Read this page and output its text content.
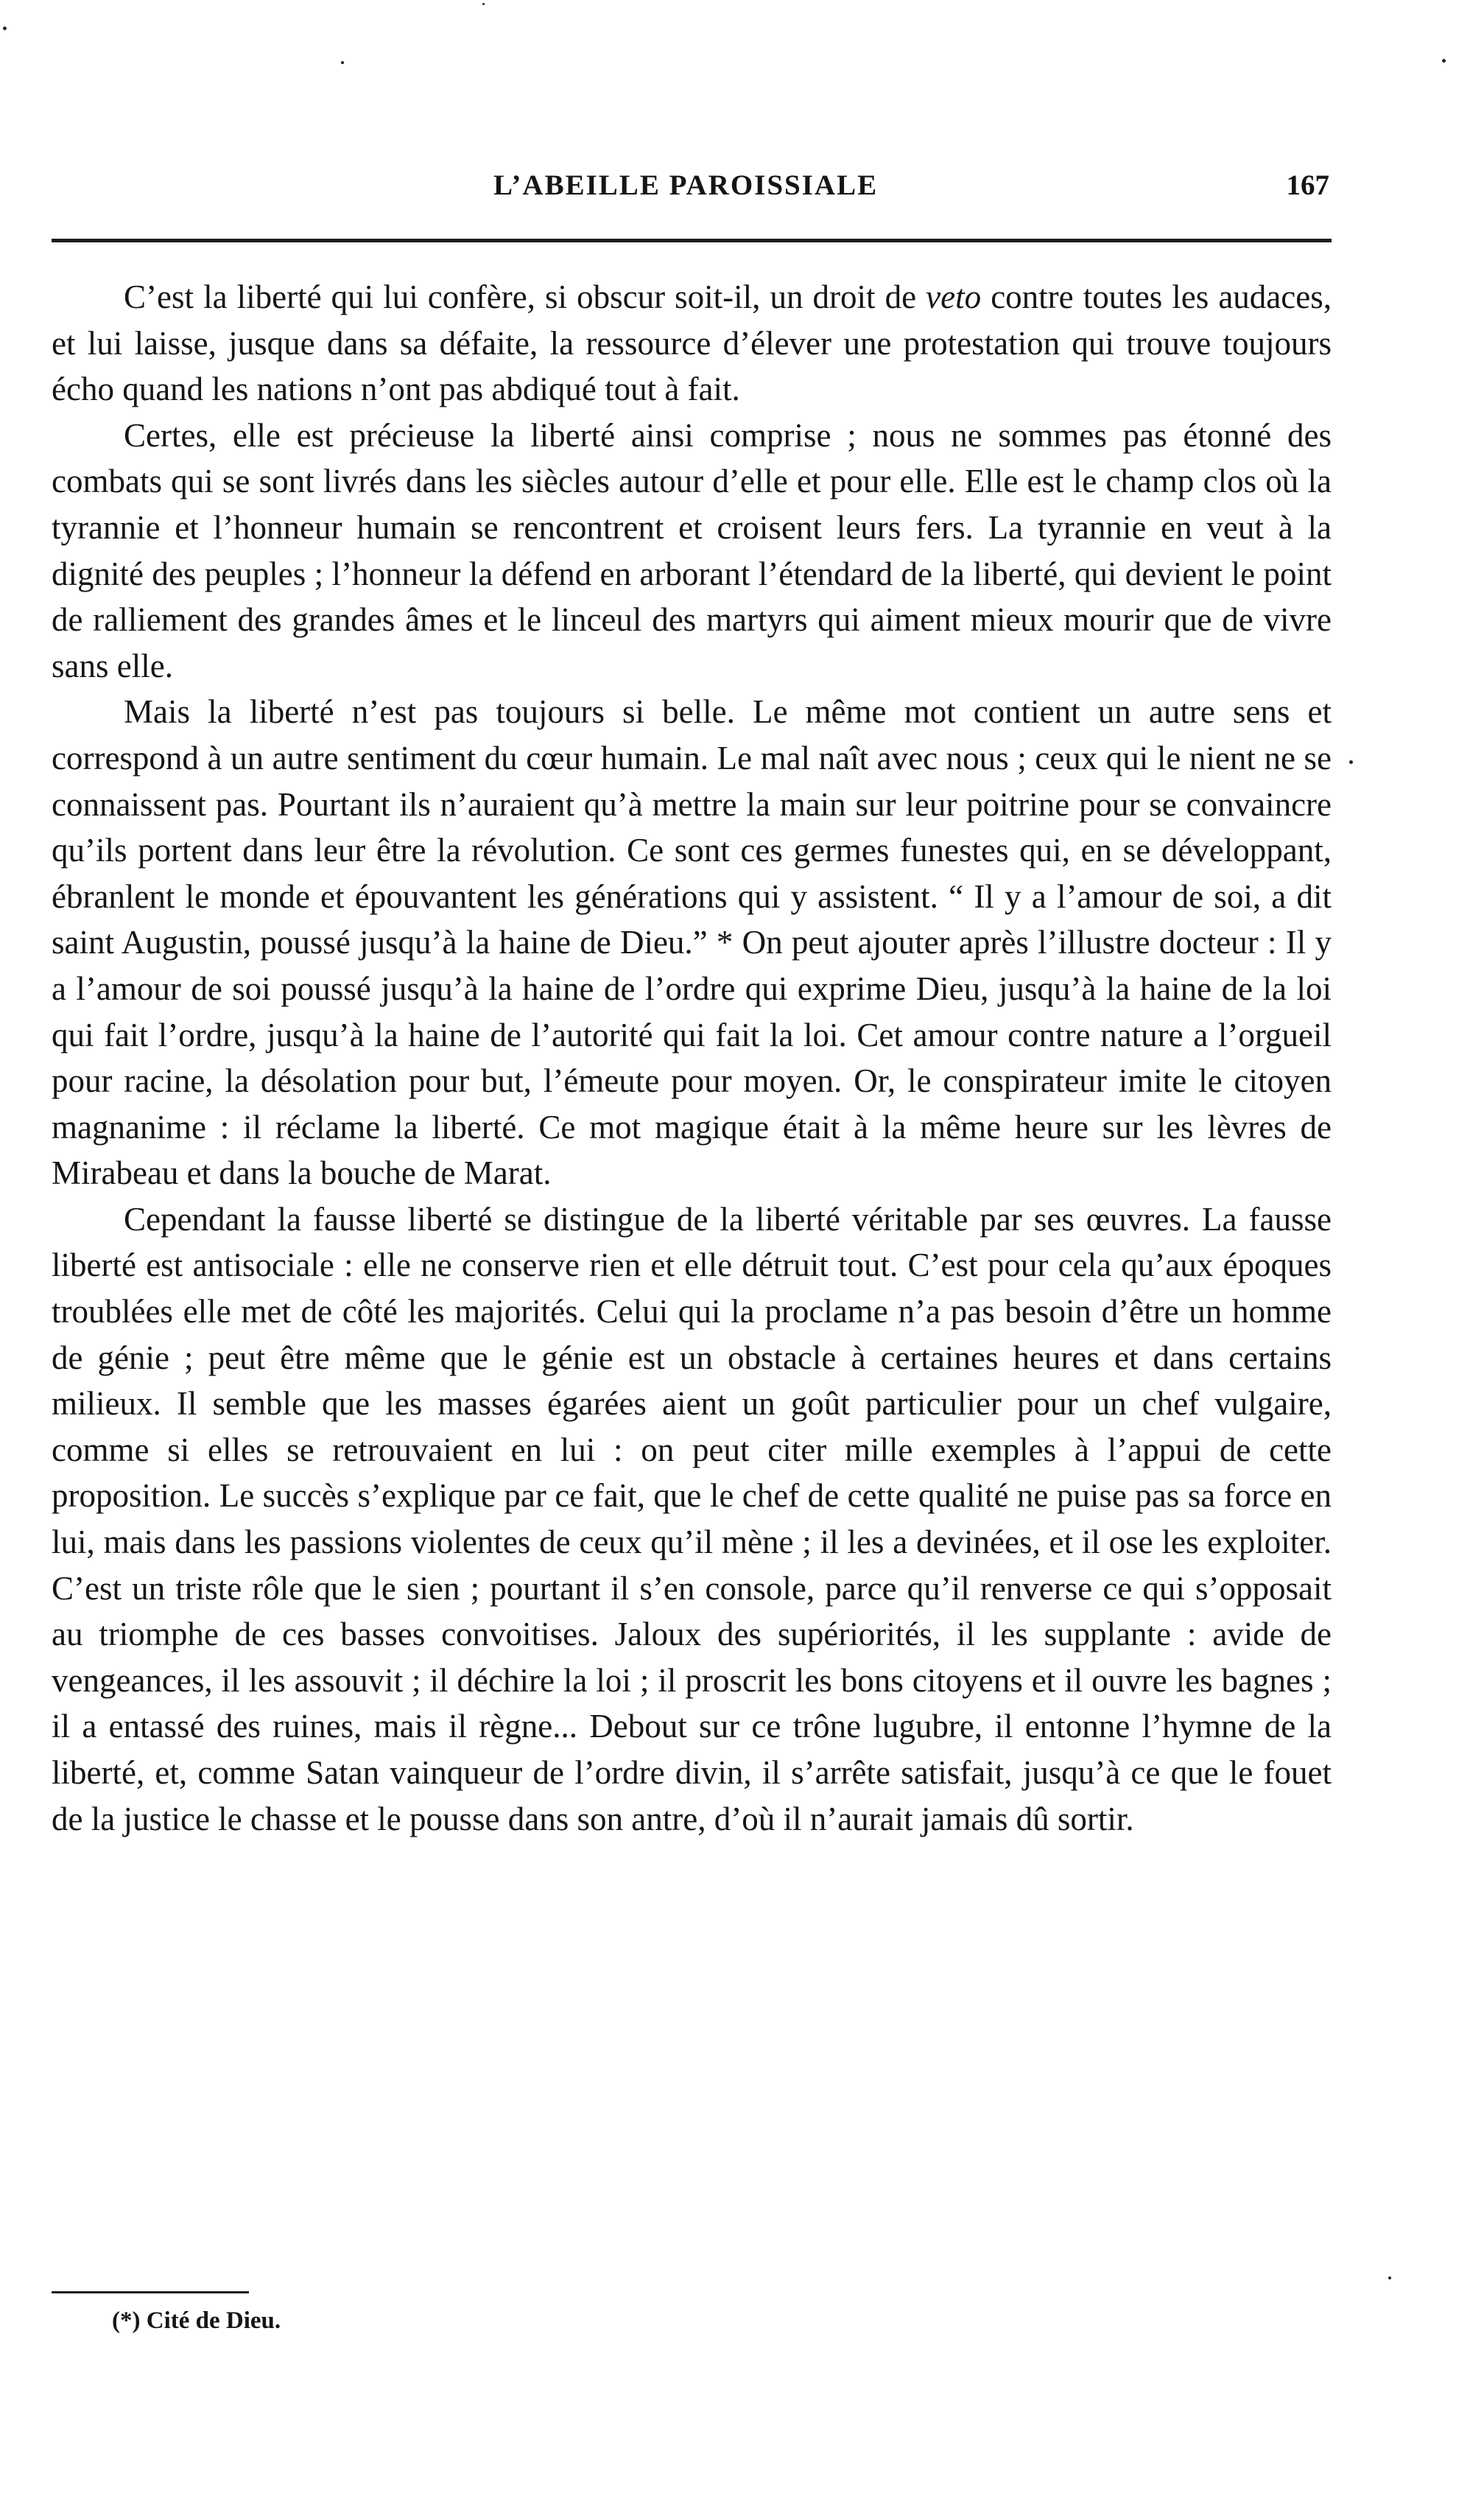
L’ABEILLE PAROISSIALE	167

C’est la liberté qui lui confère, si obscur soit-il, un droit de veto contre toutes les audaces, et lui laisse, jusque dans sa défaite, la ressource d’élever une protestation qui trouve toujours écho quand les nations n’ont pas abdiqué tout à fait.

Certes, elle est précieuse la liberté ainsi comprise ; nous ne sommes pas étonné des combats qui se sont livrés dans les siècles autour d’elle et pour elle. Elle est le champ clos où la tyrannie et l’honneur humain se rencontrent et croisent leurs fers. La tyrannie en veut à la dignité des peuples ; l’honneur la défend en arborant l’étendard de la liberté, qui devient le point de ralliement des grandes âmes et le linceul des martyrs qui aiment mieux mourir que de vivre sans elle.

Mais la liberté n’est pas toujours si belle. Le même mot contient un autre sens et correspond à un autre sentiment du cœur humain. Le mal naît avec nous ; ceux qui le nient ne se connaissent pas. Pourtant ils n’auraient qu’à mettre la main sur leur poitrine pour se convaincre qu’ils portent dans leur être la révolution. Ce sont ces germes funestes qui, en se développant, ébranlent le monde et épouvantent les générations qui y assistent. “ Il y a l’amour de soi, a dit saint Augustin, poussé jusqu’à la haine de Dieu.” * On peut ajouter après l’illustre docteur : Il y a l’amour de soi poussé jusqu’à la haine de l’ordre qui exprime Dieu, jusqu’à la haine de la loi qui fait l’ordre, jusqu’à la haine de l’autorité qui fait la loi. Cet amour contre nature a l’orgueil pour racine, la désolation pour but, l’émeute pour moyen. Or, le conspirateur imite le citoyen magnanime : il réclame la liberté. Ce mot magique était à la même heure sur les lèvres de Mirabeau et dans la bouche de Marat.

Cependant la fausse liberté se distingue de la liberté véritable par ses œuvres. La fausse liberté est antisociale : elle ne conserve rien et elle détruit tout. C’est pour cela qu’aux époques troublées elle met de côté les majorités. Celui qui la proclame n’a pas besoin d’être un homme de génie ; peut être même que le génie est un obstacle à certaines heures et dans certains milieux. Il semble que les masses égarées aient un goût particulier pour un chef vulgaire, comme si elles se retrouvaient en lui : on peut citer mille exemples à l’appui de cette proposition. Le succès s’explique par ce fait, que le chef de cette qualité ne puise pas sa force en lui, mais dans les passions violentes de ceux qu’il mène ; il les a devinées, et il ose les exploiter. C’est un triste rôle que le sien ; pourtant il s’en console, parce qu’il renverse ce qui s’opposait au triomphe de ces basses convoitises. Jaloux des supériorités, il les supplante : avide de vengeances, il les assouvit ; il déchire la loi ; il proscrit les bons citoyens et il ouvre les bagnes ; il a entassé des ruines, mais il règne... Debout sur ce trône lugubre, il entonne l’hymne de la liberté, et, comme Satan vainqueur de l’ordre divin, il s’arrête satisfait, jusqu’à ce que le fouet de la justice le chasse et le pousse dans son antre, d’où il n’aurait jamais dû sortir.

(*) Cité de Dieu.
